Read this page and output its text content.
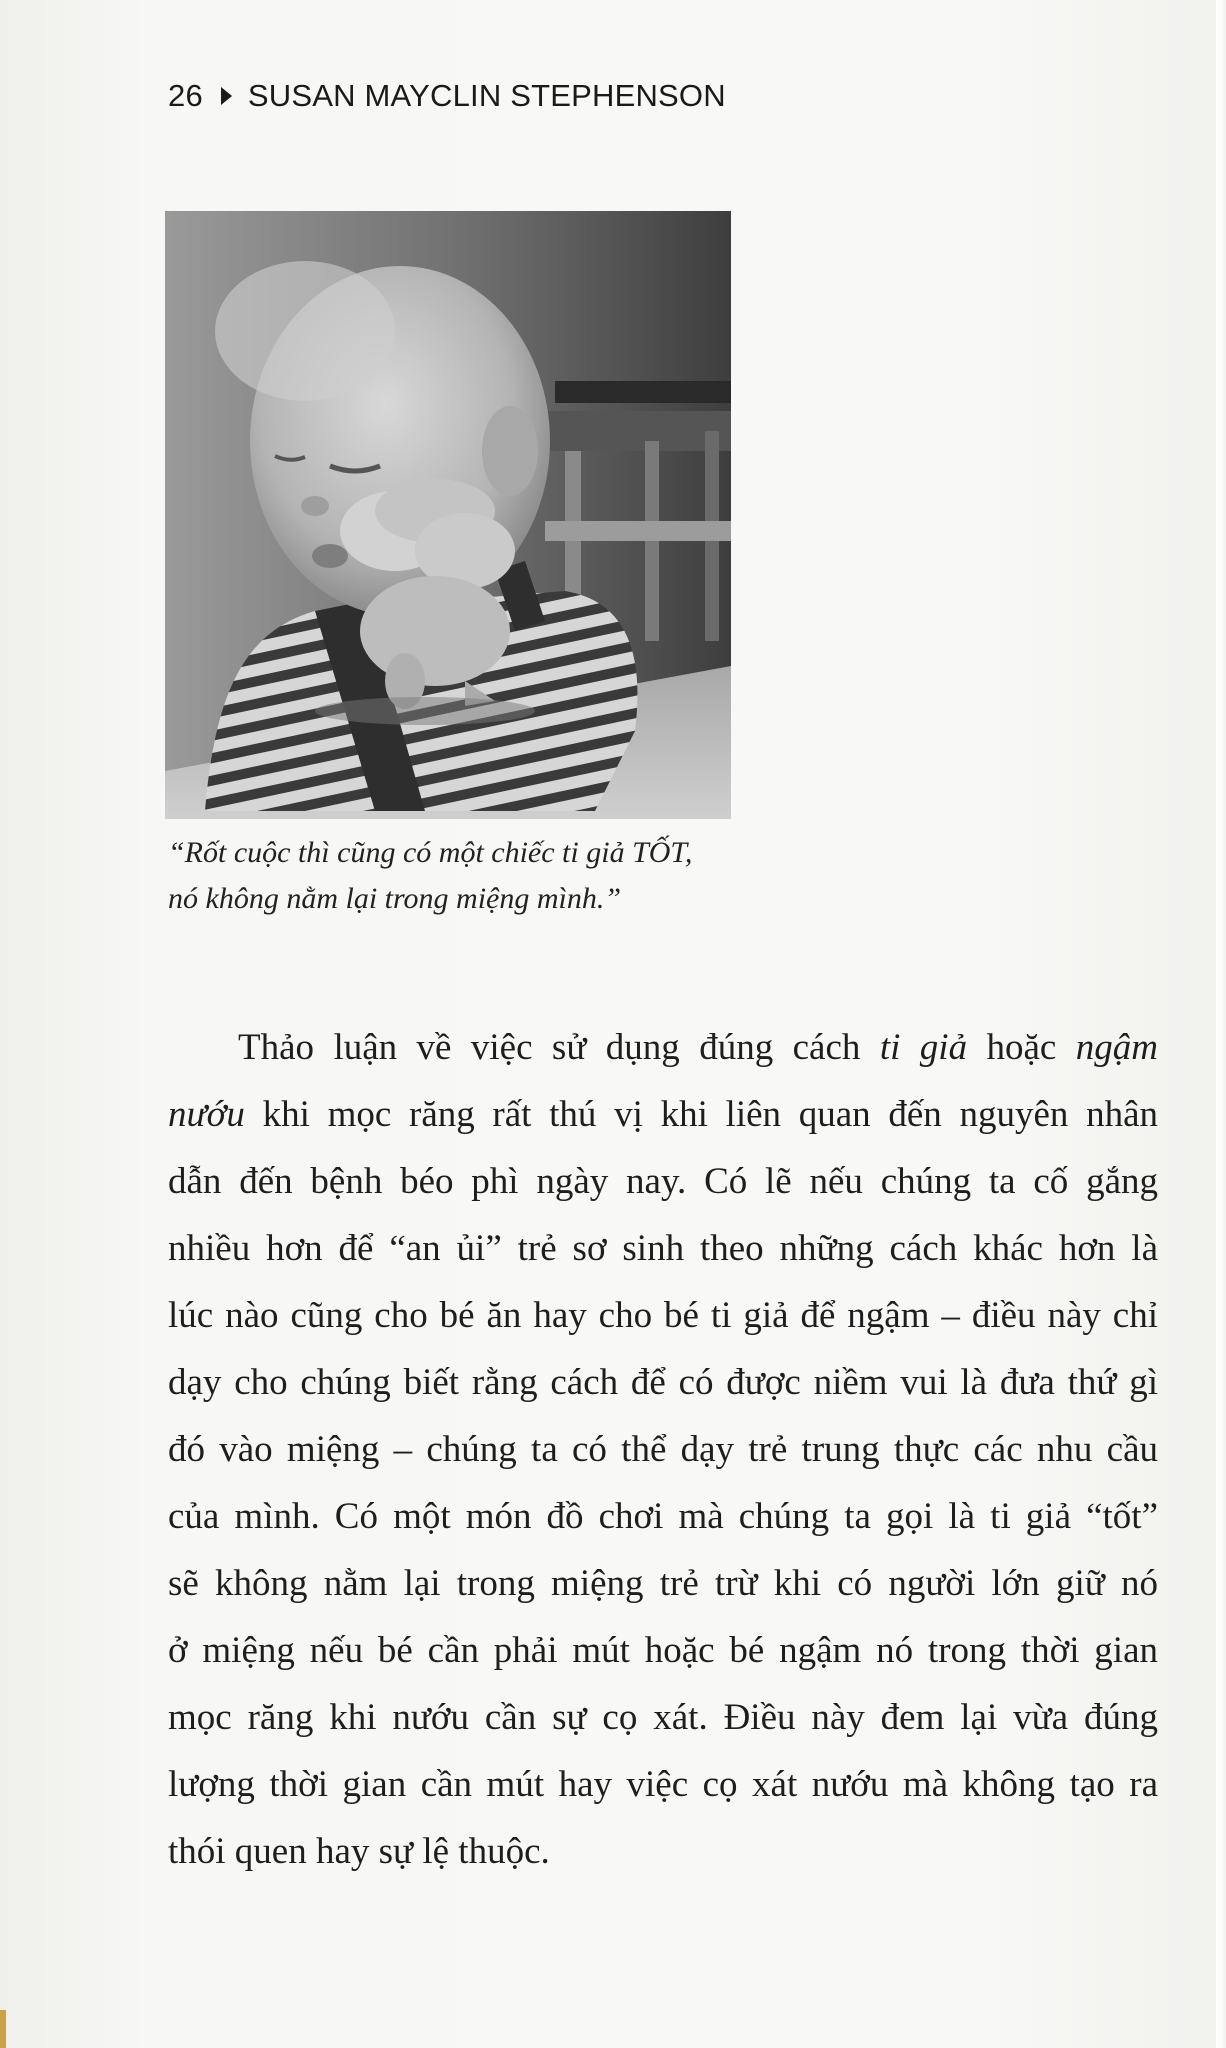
26 SUSAN MAYCLIN STEPHENSON
“Rốt cuộc thì cũng có một chiếc ti giả TỐT,
nó không nằm lại trong miệng mình.”
Thảo luận về việc sử dụng đúng cách ti giả hoặc ngậm
nướu khi mọc răng rất thú vị khi liên quan đến nguyên nhân
dẫn đến bệnh béo phì ngày nay. Có lẽ nếu chúng ta cố gắng
nhiều hơn để “an ủi” trẻ sơ sinh theo những cách khác hơn là
lúc nào cũng cho bé ăn hay cho bé ti giả để ngậm – điều này chỉ
dạy cho chúng biết rằng cách để có được niềm vui là đưa thứ gì
đó vào miệng – chúng ta có thể dạy trẻ trung thực các nhu cầu
của mình. Có một món đồ chơi mà chúng ta gọi là ti giả “tốt”
sẽ không nằm lại trong miệng trẻ trừ khi có người lớn giữ nó
ở miệng nếu bé cần phải mút hoặc bé ngậm nó trong thời gian
mọc răng khi nướu cần sự cọ xát. Điều này đem lại vừa đúng
lượng thời gian cần mút hay việc cọ xát nướu mà không tạo ra
thói quen hay sự lệ thuộc.
